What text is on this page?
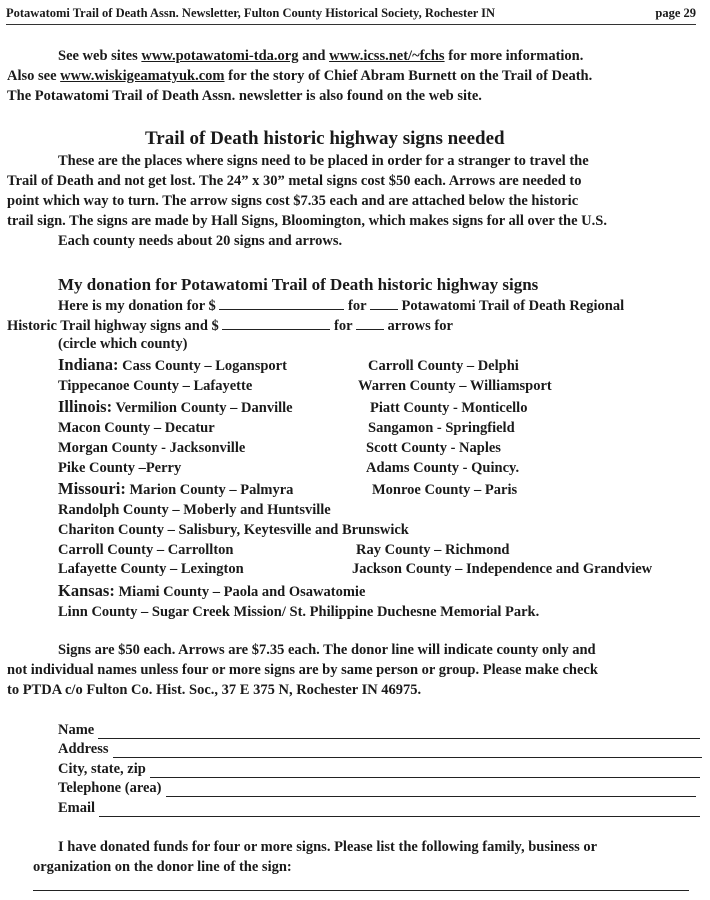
Potawatomi Trail of Death Assn. Newsletter, Fulton County Historical Society, Rochester IN	page 29
See web sites www.potawatomi-tda.org and www.icss.net/~fchs for more information.
Also see www.wiskigeamatyuk.com for the story of Chief Abram Burnett on the Trail of Death.
The Potawatomi Trail of Death Assn. newsletter is also found on the web site.
Trail of Death historic highway signs needed
These are the places where signs need to be placed in order for a stranger to travel the
Trail of Death and not get lost. The 24” x 30” metal signs cost $50 each. Arrows are needed to
point which way to turn. The arrow signs cost $7.35 each and are attached below the historic
trail sign. The signs are made by Hall Signs, Bloomington, which makes signs for all over the U.S.
Each county needs about 20 signs and arrows.
My donation for Potawatomi Trail of Death historic highway signs
Here is my donation for $	for Potawatomi Trail of Death Regional
Historic Trail highway signs and $	for arrows for
(circle which county)
Indiana: Cass County – Logansport	Carroll County – Delphi
Tippecanoe County – Lafayette	Warren County – Williamsport
Illinois: Vermilion County – Danville	Piatt County - Monticello
Macon County – Decatur	Sangamon - Springfield
Morgan County - Jacksonville	Scott County - Naples
Pike County –Perry	Adams County - Quincy.
Missouri: Marion County – Palmyra	Monroe County – Paris
Randolph County – Moberly and Huntsville
Chariton County – Salisbury, Keytesville and Brunswick
Carroll County – Carrollton	Ray County – Richmond
Lafayette County – Lexington	Jackson County – Independence and Grandview
Kansas: Miami County – Paola and Osawatomie
Linn County – Sugar Creek Mission/ St. Philippine Duchesne Memorial Park.
Signs are $50 each. Arrows are $7.35 each. The donor line will indicate county only and
not individual names unless four or more signs are by same person or group. Please make check
to PTDA c/o Fulton Co. Hist. Soc., 37 E 375 N, Rochester IN 46975.
Name
Address
City, state, zip
Telephone (area)
Email
I have donated funds for four or more signs. Please list the following family, business or
organization on the donor line of the sign:
